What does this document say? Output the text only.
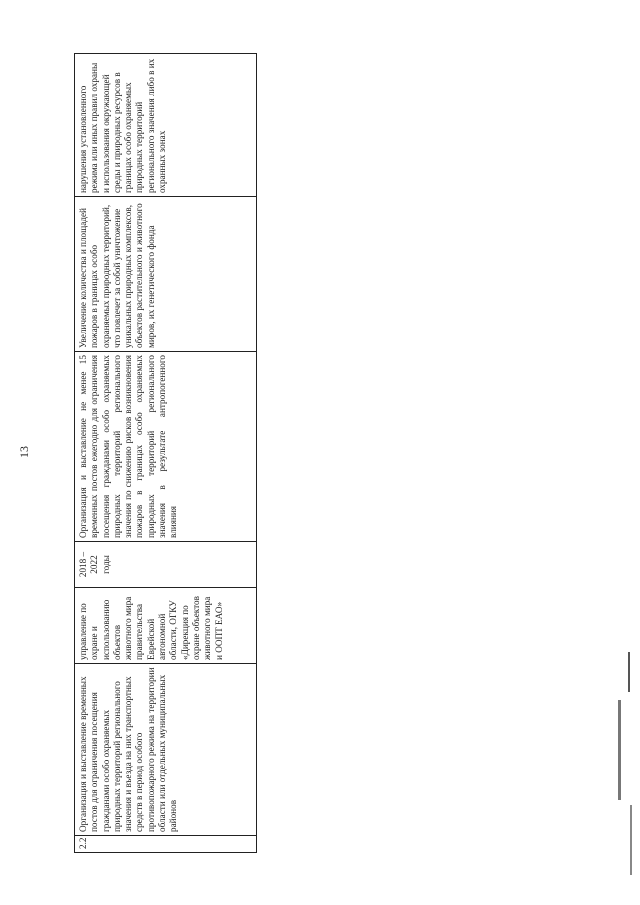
13
2.2
Организация и выставление временных постов для ограничения посещения гражданами особо охраняемых природных территорий регионального значения и въезда на них транспортных средств в период особого противопожарного режима на территории области или отдельных муниципальных районов
управление по охране и использованию объектов животного мира правительства Еврейской автономной области, ОГКУ «Дирекция по охране объектов животного мира и ООПТ ЕАО»
2018 – 2022 годы
Организация и выставление не менее 15 временных постов ежегодно для ограничения посещения гражданами особо охраняемых природных территорий регионального значения по снижению рисков возникновения пожаров в границах особо охраняемых природных территорий регионального значения в результате антропогенного влияния
Увеличение количества и площадей пожаров в границах особо охраняемых природных территорий, что повлечет за собой уничтожение уникальных природных комплексов, объектов растительного и животного миров, их генетического фонда
нарушения установленного режима или иных правил охраны и использования окружающей среды и природных ресурсов в границах особо охраняемых природных территорий регионального значения либо в их охранных зонах
